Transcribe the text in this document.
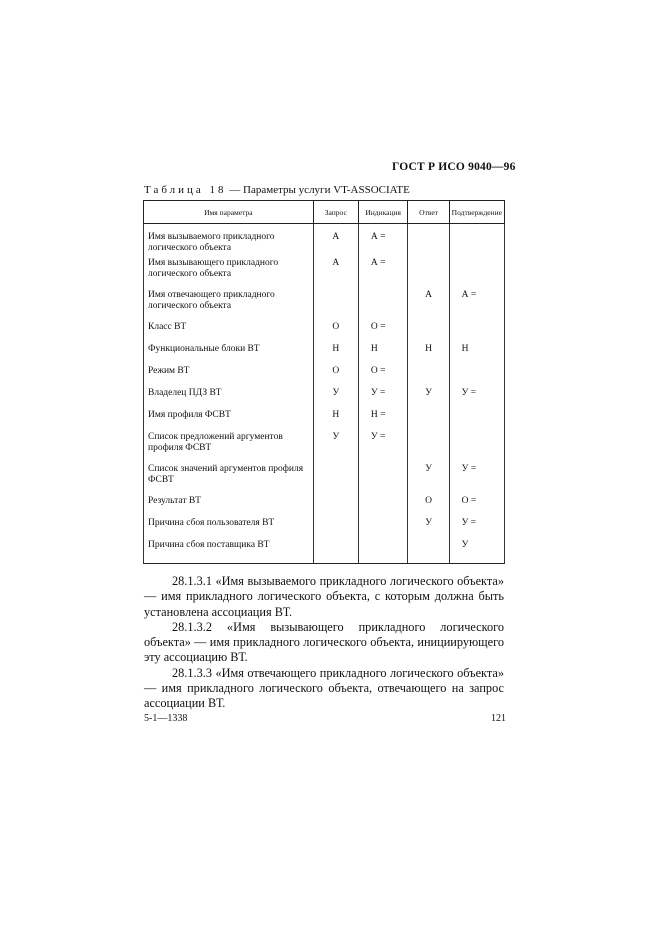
ГОСТ Р ИСО 9040—96
Таблица 18 — Параметры услуги VT-ASSOCIATE
Имя параметра	Запрос	Индикация	Ответ	Подтверждение
Имя вызываемого прикладного логического объекта	А	А =		
Имя вызывающего прикладного логического объекта	А	А =		
Имя отвечающего прикладного логического объекта			А	А =
Класс ВТ	О	О =		
Функциональные блоки ВТ	Н	Н	Н	Н
Режим ВТ	О	О =		
Владелец ПДЗ ВТ	У	У =	У	У =
Имя профиля ФСВТ	Н	Н =		
Список предложений аргументов профиля ФСВТ	У	У =		
Список значений аргументов профиля ФСВТ			У	У =
Результат ВТ			О	О =
Причина сбоя пользователя ВТ			У	У =
Причина сбоя поставщика ВТ				У

28.1.3.1 «Имя вызываемого прикладного логического объекта» — имя прикладного логического объекта, с которым должна быть установлена ассоциация ВТ.

28.1.3.2 «Имя вызывающего прикладного логического объекта» — имя прикладного логического объекта, инициирующего эту ассоциацию ВТ.

28.1.3.3 «Имя отвечающего прикладного логического объекта» — имя прикладного логического объекта, отвечающего на запрос ассоциации ВТ.

5-1—1338	121
